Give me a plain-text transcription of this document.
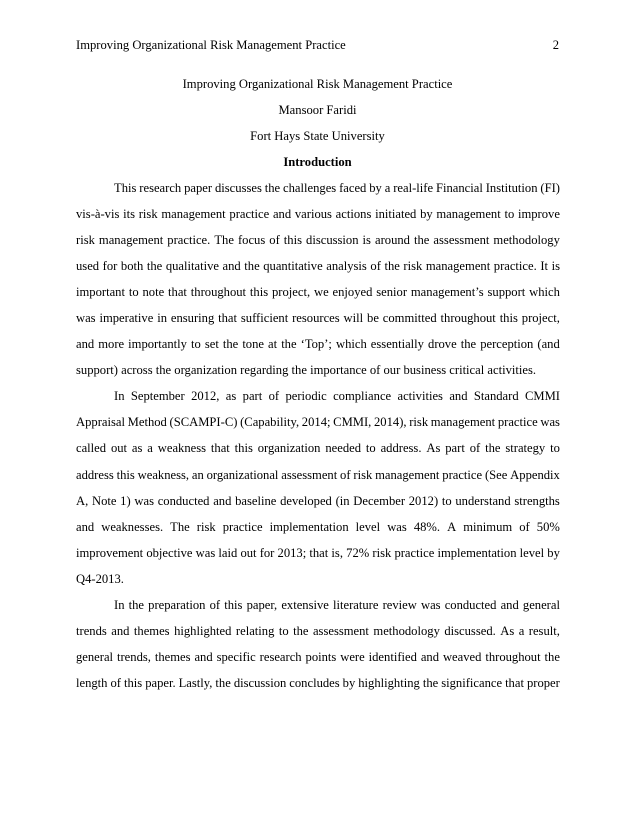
Improving Organizational Risk Management Practice	2
Improving Organizational Risk Management Practice
Mansoor Faridi
Fort Hays State University
Introduction
This research paper discusses the challenges faced by a real-life Financial Institution (FI)
vis-à-vis its risk management practice and various actions initiated by management to improve
risk management practice. The focus of this discussion is around the assessment methodology
used for both the qualitative and the quantitative analysis of the risk management practice. It is
important to note that throughout this project, we enjoyed senior management’s support which
was imperative in ensuring that sufficient resources will be committed throughout this project,
and more importantly to set the tone at the ‘Top’; which essentially drove the perception (and
support) across the organization regarding the importance of our business critical activities.
In September 2012, as part of periodic compliance activities and Standard CMMI
Appraisal Method (SCAMPI-C) (Capability, 2014; CMMI, 2014), risk management practice was
called out as a weakness that this organization needed to address. As part of the strategy to
address this weakness, an organizational assessment of risk management practice (See Appendix
A, Note 1) was conducted and baseline developed (in December 2012) to understand strengths
and weaknesses. The risk practice implementation level was 48%. A minimum of 50%
improvement objective was laid out for 2013; that is, 72% risk practice implementation level by
Q4-2013.
In the preparation of this paper, extensive literature review was conducted and general
trends and themes highlighted relating to the assessment methodology discussed. As a result,
general trends, themes and specific research points were identified and weaved throughout the
length of this paper. Lastly, the discussion concludes by highlighting the significance that proper
